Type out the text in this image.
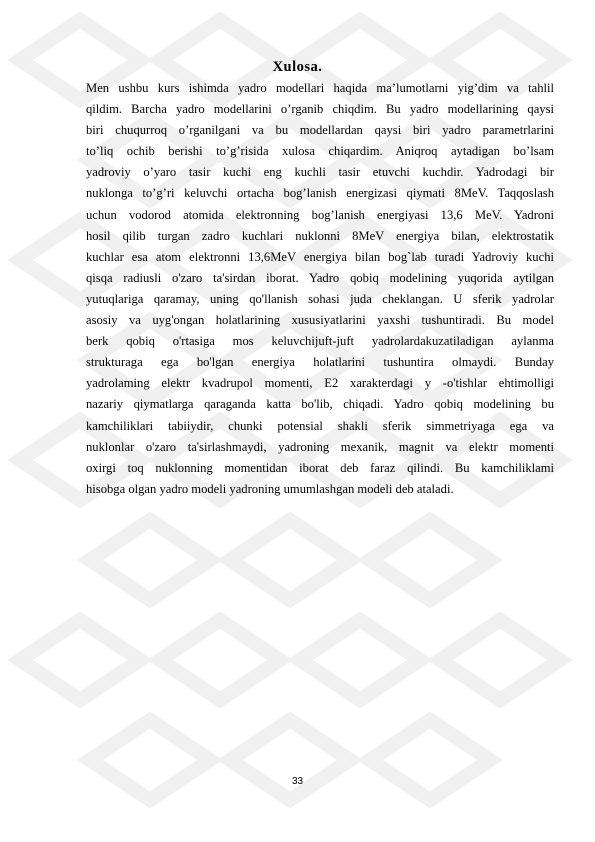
Xulosa.
Men ushbu kurs ishimda yadro modellari haqida ma’lumotlarni yig’dim va tahlil
qildim. Barcha yadro modellarini o’rganib chiqdim. Bu yadro modellarining qaysi
biri chuqurroq o’rganilgani va bu modellardan qaysi biri yadro parametrlarini
to’liq ochib berishi to’g’risida xulosa chiqardim. Aniqroq aytadigan bo’lsam
yadroviy o’yaro tasir kuchi eng kuchli tasir etuvchi kuchdir. Yadrodagi bir
nuklonga to’g’ri keluvchi ortacha bog’lanish energizasi qiymati 8MeV. Taqqoslash
uchun vodorod atomida elektronning bog’lanish energiyasi 13,6 MeV. Yadroni
hosil qilib turgan zadro kuchlari nuklonni 8MeV energiya bilan, elektrostatik
kuchlar esa atom elektronni 13,6MeV energiya bilan bog`lab turadi Yadroviy kuchi
qisqa radiusli o'zaro ta'sirdan iborat. Yadro qobiq modelining yuqorida aytilgan
yutuqlariga qaramay, uning qo'llanish sohasi juda cheklangan. U sferik yadrolar
asosiy va uyg'ongan holatlarining xususiyatlarini yaxshi tushuntiradi. Bu model
berk qobiq o'rtasiga mos keluvchijuft-juft yadrolardakuzatiladigan aylanma
strukturaga ega bo'lgan energiya holatlarini tushuntira olmaydi. Bunday
yadrolaming elektr kvadrupol momenti, E2 xarakterdagi y -o'tishlar ehtimolligi
nazariy qiymatlarga qaraganda katta bo'lib, chiqadi. Yadro qobiq modelining bu
kamchiliklari tabiiydir, chunki potensial shakli sferik simmetriyaga ega va
nuklonlar o'zaro ta'sirlashmaydi, yadroning mexanik, magnit va elektr momenti
oxirgi toq nuklonning momentidan iborat deb faraz qilindi. Bu kamchiliklami
hisobga olgan yadro modeli yadroning umumlashgan modeli deb ataladi.
33
